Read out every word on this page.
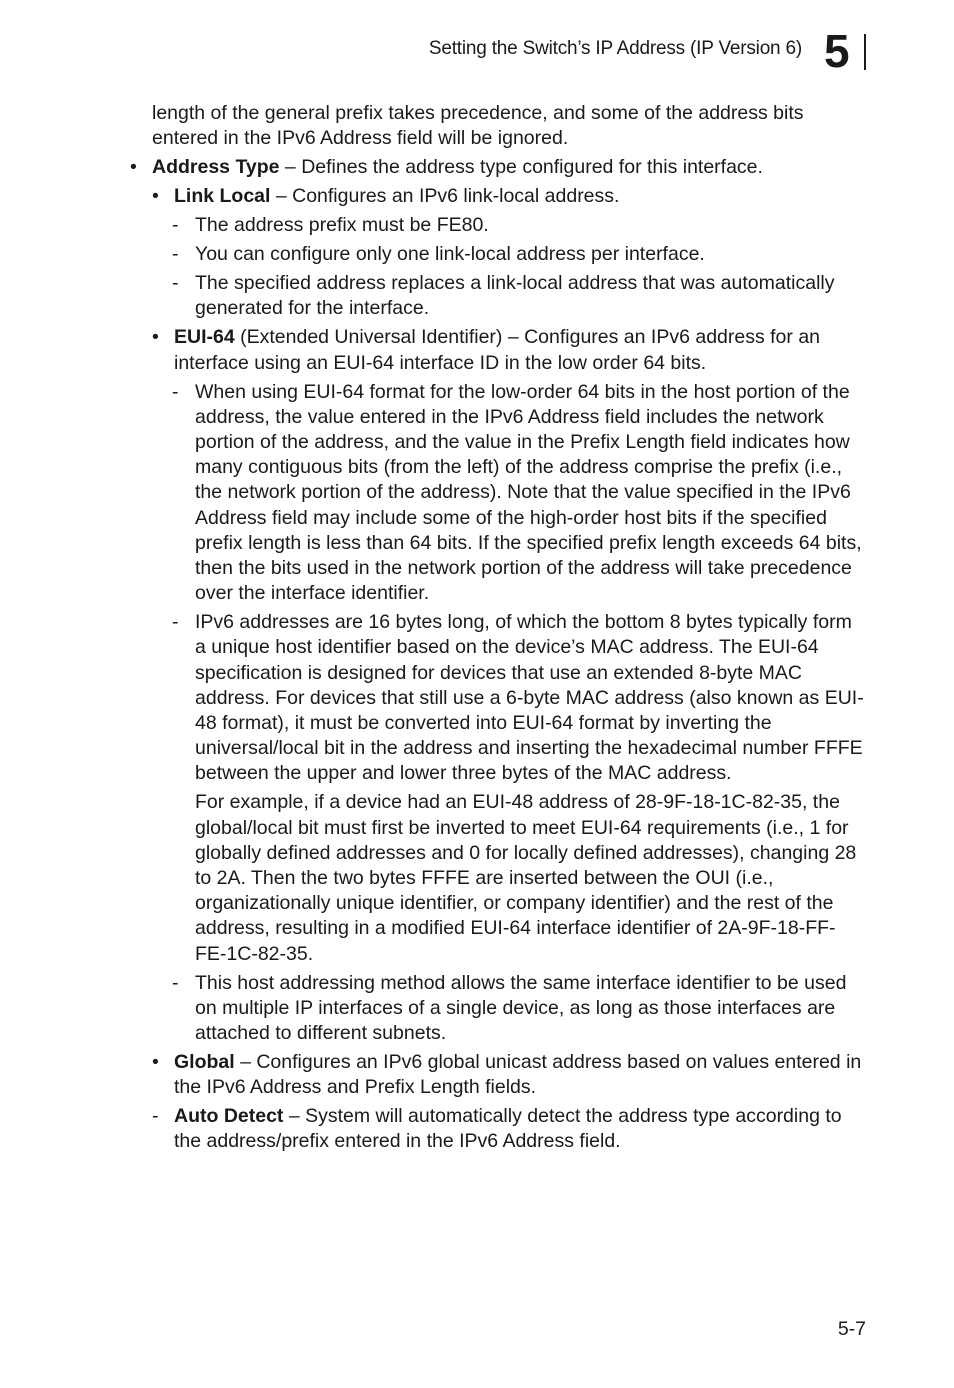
Setting the Switch’s IP Address (IP Version 6) 5
length of the general prefix takes precedence, and some of the address bits entered in the IPv6 Address field will be ignored.
• Address Type – Defines the address type configured for this interface.
• Link Local – Configures an IPv6 link-local address.
- The address prefix must be FE80.
- You can configure only one link-local address per interface.
- The specified address replaces a link-local address that was automatically generated for the interface.
• EUI-64 (Extended Universal Identifier) – Configures an IPv6 address for an interface using an EUI-64 interface ID in the low order 64 bits.
- When using EUI-64 format for the low-order 64 bits in the host portion of the address, the value entered in the IPv6 Address field includes the network portion of the address, and the value in the Prefix Length field indicates how many contiguous bits (from the left) of the address comprise the prefix (i.e., the network portion of the address). Note that the value specified in the IPv6 Address field may include some of the high-order host bits if the specified prefix length is less than 64 bits. If the specified prefix length exceeds 64 bits, then the bits used in the network portion of the address will take precedence over the interface identifier.
- IPv6 addresses are 16 bytes long, of which the bottom 8 bytes typically form a unique host identifier based on the device’s MAC address. The EUI-64 specification is designed for devices that use an extended 8-byte MAC address. For devices that still use a 6-byte MAC address (also known as EUI-48 format), it must be converted into EUI-64 format by inverting the universal/local bit in the address and inserting the hexadecimal number FFFE between the upper and lower three bytes of the MAC address.
For example, if a device had an EUI-48 address of 28-9F-18-1C-82-35, the global/local bit must first be inverted to meet EUI-64 requirements (i.e., 1 for globally defined addresses and 0 for locally defined addresses), changing 28 to 2A. Then the two bytes FFFE are inserted between the OUI (i.e., organizationally unique identifier, or company identifier) and the rest of the address, resulting in a modified EUI-64 interface identifier of 2A-9F-18-FF-FE-1C-82-35.
- This host addressing method allows the same interface identifier to be used on multiple IP interfaces of a single device, as long as those interfaces are attached to different subnets.
• Global – Configures an IPv6 global unicast address based on values entered in the IPv6 Address and Prefix Length fields.
- Auto Detect – System will automatically detect the address type according to the address/prefix entered in the IPv6 Address field.
5-7
